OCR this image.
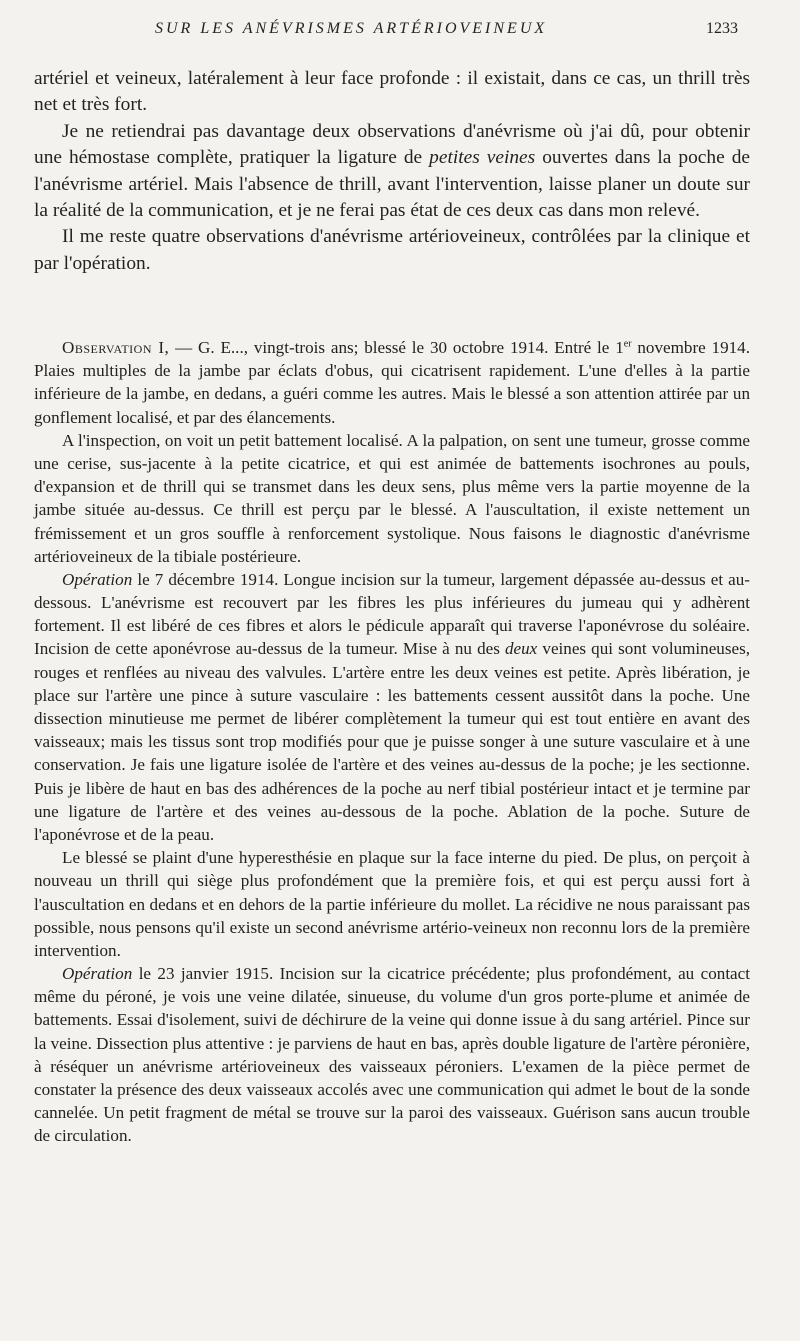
SUR LES ANÉVRISMES ARTÉRIOVEINEUX	1233

artériel et veineux, latéralement à leur face profonde : il existait, dans ce cas, un thrill très net et très fort.

Je ne retiendrai pas davantage deux observations d'anévrisme où j'ai dû, pour obtenir une hémostase complète, pratiquer la ligature de petites veines ouvertes dans la poche de l'anévrisme artériel. Mais l'absence de thrill, avant l'intervention, laisse planer un doute sur la réalité de la communication, et je ne ferai pas état de ces deux cas dans mon relevé.

Il me reste quatre observations d'anévrisme artérioveineux, contrôlées par la clinique et par l'opération.

Observation I, — G. E..., vingt-trois ans; blessé le 30 octobre 1914. Entré le 1er novembre 1914. Plaies multiples de la jambe par éclats d'obus, qui cicatrisent rapidement. L'une d'elles à la partie inférieure de la jambe, en dedans, a guéri comme les autres. Mais le blessé a son attention attirée par un gonflement localisé, et par des élancements.

A l'inspection, on voit un petit battement localisé. A la palpation, on sent une tumeur, grosse comme une cerise, sus-jacente à la petite cicatrice, et qui est animée de battements isochrones au pouls, d'expansion et de thrill qui se transmet dans les deux sens, plus même vers la partie moyenne de la jambe située au-dessus. Ce thrill est perçu par le blessé. A l'auscultation, il existe nettement un frémissement et un gros souffle à renforcement systolique. Nous faisons le diagnostic d'anévrisme artérioveineux de la tibiale postérieure.

Opération le 7 décembre 1914. Longue incision sur la tumeur, largement dépassée au-dessus et au-dessous. L'anévrisme est recouvert par les fibres les plus inférieures du jumeau qui y adhèrent fortement. Il est libéré de ces fibres et alors le pédicule apparaît qui traverse l'aponévrose du soléaire. Incision de cette aponévrose au-dessus de la tumeur. Mise à nu des deux veines qui sont volumineuses, rouges et renflées au niveau des valvules. L'artère entre les deux veines est petite. Après libération, je place sur l'artère une pince à suture vasculaire : les battements cessent aussitôt dans la poche. Une dissection minutieuse me permet de libérer complètement la tumeur qui est tout entière en avant des vaisseaux; mais les tissus sont trop modifiés pour que je puisse songer à une suture vasculaire et à une conservation. Je fais une ligature isolée de l'artère et des veines au-dessus de la poche; je les sectionne. Puis je libère de haut en bas des adhérences de la poche au nerf tibial postérieur intact et je termine par une ligature de l'artère et des veines au-dessous de la poche. Ablation de la poche. Suture de l'aponévrose et de la peau.

Le blessé se plaint d'une hyperesthésie en plaque sur la face interne du pied. De plus, on perçoit à nouveau un thrill qui siège plus profondément que la première fois, et qui est perçu aussi fort à l'auscultation en dedans et en dehors de la partie inférieure du mollet. La récidive ne nous paraissant pas possible, nous pensons qu'il existe un second anévrisme artério-veineux non reconnu lors de la première intervention.

Opération le 23 janvier 1915. Incision sur la cicatrice précédente; plus profondément, au contact même du péroné, je vois une veine dilatée, sinueuse, du volume d'un gros porte-plume et animée de battements. Essai d'isolement, suivi de déchirure de la veine qui donne issue à du sang artériel. Pince sur la veine. Dissection plus attentive : je parviens de haut en bas, après double ligature de l'artère péronière, à réséquer un anévrisme artérioveineux des vaisseaux péroniers. L'examen de la pièce permet de constater la présence des deux vaisseaux accolés avec une communication qui admet le bout de la sonde cannelée. Un petit fragment de métal se trouve sur la paroi des vaisseaux. Guérison sans aucun trouble de circulation.
